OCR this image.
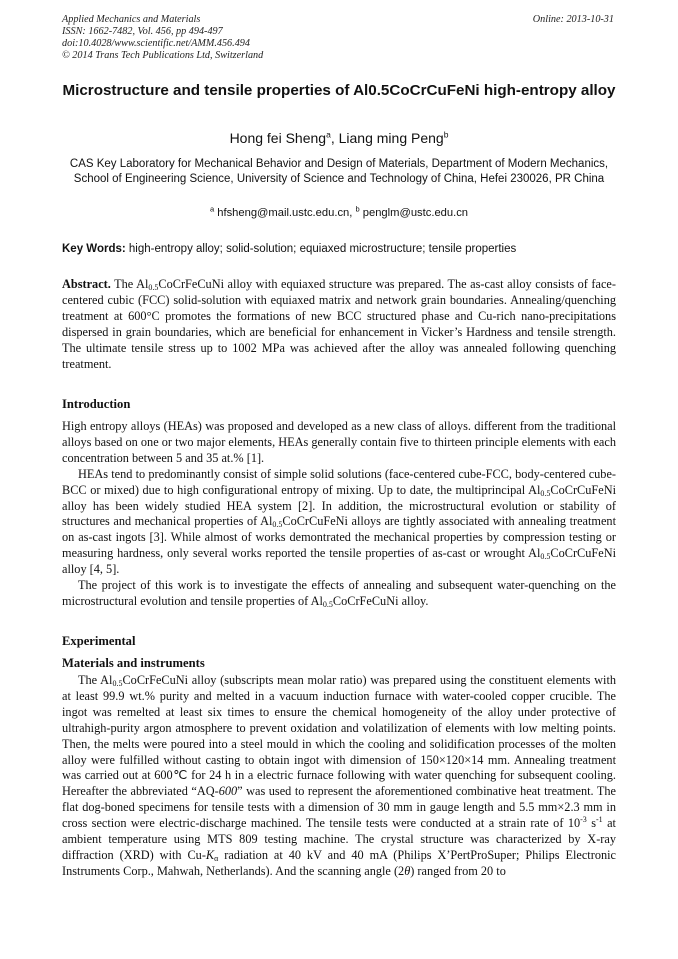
Applied Mechanics and Materials
ISSN: 1662-7482, Vol. 456, pp 494-497
doi:10.4028/www.scientific.net/AMM.456.494
© 2014 Trans Tech Publications Ltd, Switzerland
Online: 2013-10-31
Microstructure and tensile properties of Al0.5CoCrCuFeNi high-entropy alloy
Hong fei Sheng$^a$, Liang ming Peng$^b$
CAS Key Laboratory for Mechanical Behavior and Design of Materials, Department of Modern Mechanics, School of Engineering Science, University of Science and Technology of China, Hefei 230026, PR China
$^a$ hfsheng@mail.ustc.edu.cn, $^b$ penglm@ustc.edu.cn
Key Words: high-entropy alloy; solid-solution; equiaxed microstructure; tensile properties
Abstract. The $Al_{0.5}CoCrFeCuNi$ alloy with equiaxed structure was prepared. The as-cast alloy consists of face-centered cubic (FCC) solid-solution with equiaxed matrix and network grain boundaries. Annealing/quenching treatment at 600°C promotes the formations of new BCC structured phase and Cu-rich nano-precipitations dispersed in grain boundaries, which are beneficial for enhancement in Vicker’s Hardness and tensile strength. The ultimate tensile stress up to 1002 MPa was achieved after the alloy was annealed following quenching treatment.
Introduction
High entropy alloys (HEAs) was proposed and developed as a new class of alloys. different from the traditional alloys based on one or two major elements, HEAs generally contain five to thirteen principle elements with each concentration between 5 and 35 at.% [1].
HEAs tend to predominantly consist of simple solid solutions (face-centered cube-FCC, body-centered cube-BCC or mixed) due to high configurational entropy of mixing. Up to date, the multiprincipal $Al_{0.5}CoCrCuFeNi$ alloy has been widely studied HEA system [2]. In addition, the microstructural evolution or stability of structures and mechanical properties of $Al_{0.5}CoCrCuFeNi$ alloys are tightly associated with annealing treatment on as-cast ingots [3]. While almost of works demontrated the mechanical properties by compression testing or measuring hardness, only several works reported the tensile properties of as-cast or wrought $Al_{0.5}CoCrCuFeNi$ alloy [4, 5].
The project of this work is to investigate the effects of annealing and subsequent water-quenching on the microstructural evolution and tensile properties of $Al_{0.5}CoCrFeCuNi$ alloy.
Experimental
Materials and instruments
The $Al_{0.5}CoCrFeCuNi$ alloy (subscripts mean molar ratio) was prepared using the constituent elements with at least 99.9 wt.% purity and melted in a vacuum induction furnace with water-cooled copper crucible. The ingot was remelted at least six times to ensure the chemical homogeneity of the alloy under protective of ultrahigh-purity argon atmosphere to prevent oxidation and volatilization of elements with low melting points. Then, the melts were poured into a steel mould in which the cooling and solidification processes of the molten alloy were fulfilled without casting to obtain ingot with dimension of 150×120×14 mm. Annealing treatment was carried out at 600℃ for 24 h in a electric furnace following with water quenching for subsequent cooling. Hereafter the abbreviated “AQ-600” was used to represent the aforementioned combinative heat treatment. The flat dog-boned specimens for tensile tests with a dimension of 30 mm in gauge length and 5.5 mm×2.3 mm in cross section were electric-discharge machined. The tensile tests were conducted at a strain rate of $10^{-3}$ $s^{-1}$ at ambient temperature using MTS 809 testing machine. The crystal structure was characterized by X-ray diffraction (XRD) with $Cu-K_\alpha$ radiation at 40 kV and 40 mA (Philips X’PertProSuper; Philips Electronic Instruments Corp., Mahwah, Netherlands). And the scanning angle (2θ) ranged from 20 to
